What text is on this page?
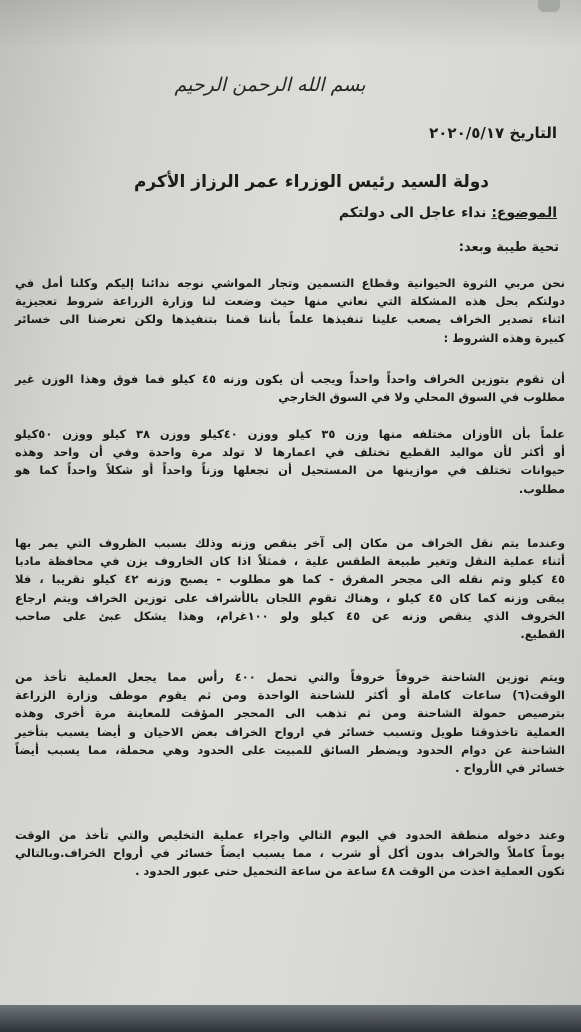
بسم الله الرحمن الرحيم
التاريخ ٢٠٢٠/٥/١٧
دولة السيد رئيس الوزراء عمر الرزاز الأكرم
الموضوع: نداء عاجل الى دولتكم
تحية طيبة وبعد:
نحن مربي الثروة الحيوانية وقطاع التسمين وتجار المواشي نوجه ندائنا إليكم وكلنا أمل في
دولتكم بحل هذه المشكلة التي نعاني منها حيث وضعت لنا وزارة الزراعة شروط تعجيزية
اثناء تصدير الخراف يصعب علينا تنفيذها علماً بأننا قمنا بتنفيذها ولكن تعرضنا الى خسائر
كبيرة وهذه الشروط :
أن تقوم بتوزين الخراف واحداً واحداً ويجب أن يكون وزنه ٤٥ كيلو فما فوق وهذا الوزن غير
مطلوب في السوق المحلي ولا في السوق الخارجي
علماً بأن الأوزان مختلفه منها وزن ٣٥ كيلو ووزن ٤٠كيلو ووزن ٣٨ كيلو ووزن ٥٠كيلو
أو أكثر لأن مواليد القطيع تختلف في اعمارها لا تولد مرة واحدة وفي أن واحد وهذه
حيوانات تختلف في موازينها من المستحيل أن تجعلها وزناً واحداً أو شكلاً واحداً كما هو
مطلوب.
وعندما يتم نقل الخراف من مكان إلى آخر ينقص وزنه وذلك بسبب الظروف التي يمر بها
أثناء عملية النقل وتغير طبيعة الطقس علية ، فمثلاً اذا كان الخاروف يزن في محافظة مادبا
٤٥ كيلو وتم نقله الى مجحر المفرق - كما هو مطلوب - يصبح وزنه ٤٢ كيلو تقريبا ، فلا
يبقى وزنه كما كان ٤٥ كيلو ، وهناك تقوم اللجان بالأشراف على توزين الخراف ويتم ارجاع
الخروف الذي ينقص وزنه عن ٤٥ كيلو ولو ١٠٠غرام، وهذا يشكل عبئ على صاحب
القطيع.
ويتم توزين الشاحنة خروفاً خروفاً والتي تحمل ٤٠٠ رأس مما يجعل العملية تأخذ من
الوقت(٦) ساعات كاملة أو أكثر للشاحنة الواحدة ومن ثم يقوم موظف وزارة الزراعة
بترصيص حمولة الشاحنة ومن ثم تذهب الى المحجر المؤقت للمعاينة مرة أخرى وهذه
العملية تاخذوقتا طويل وتسبب خسائر في ارواح الخراف بعض الاحيان و أيضا يسبب بتأخير
الشاحنة عن دوام الحدود ويضطر السائق للمبيت على الحدود وهي محملة، مما يسبب أيضاً
خسائر في الأرواح .
وعند دخوله منطقة الحدود في اليوم التالي واجراء عملية التخليص والتي تأخذ من الوقت
يوماً كاملاً والخراف بدون أكل أو شرب ، مما يسبب ايضاً خسائر في أرواح الخراف.وبالتالي
تكون العملية اخذت من الوقت ٤٨ ساعة من ساعة التحميل حتى عبور الحدود .
